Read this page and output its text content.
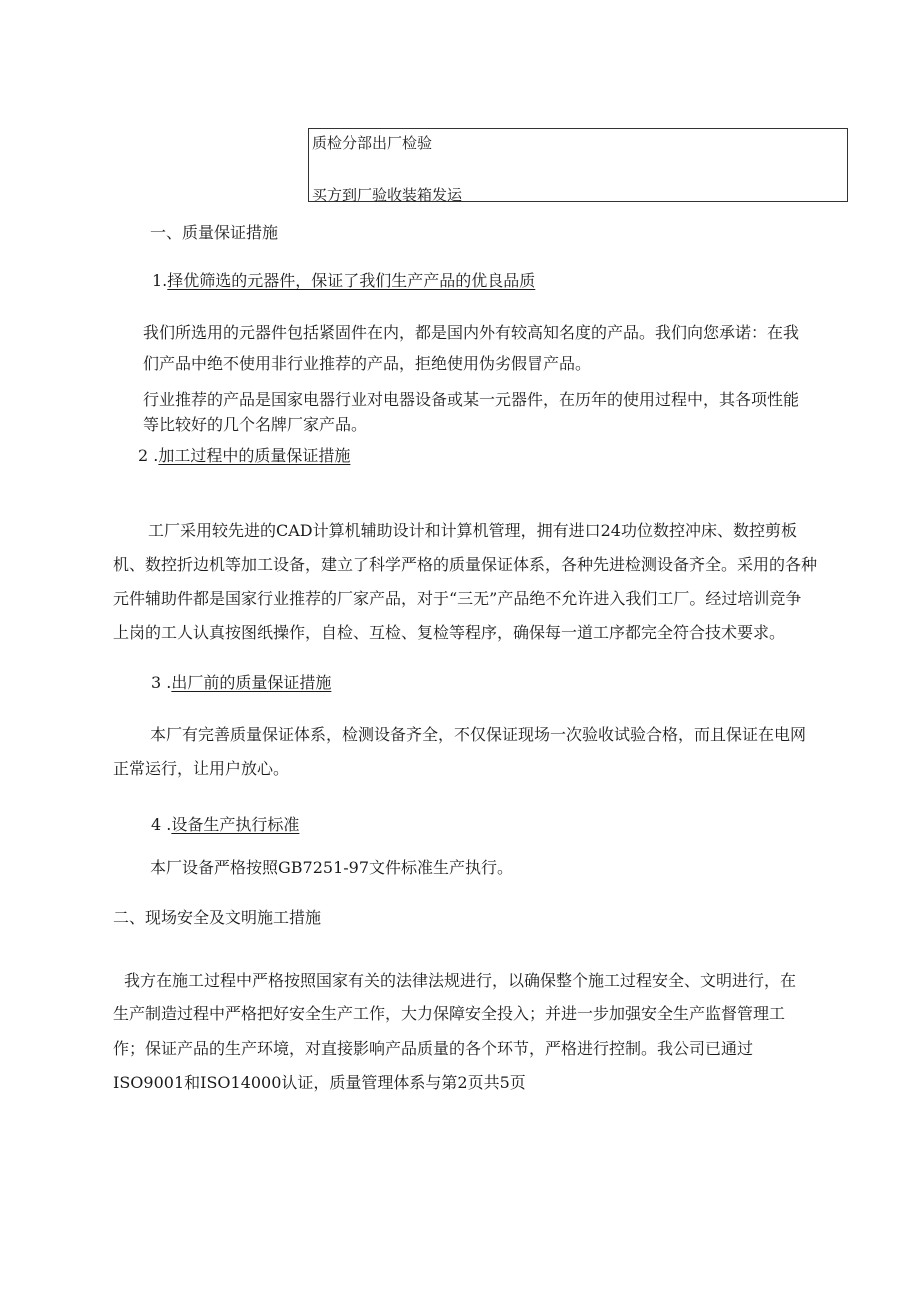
质检分部出厂检验
买方到厂验收装箱发运
一、质量保证措施
1.择优筛选的元器件，保证了我们生产产品的优良品质
我们所选用的元器件包括紧固件在内，都是国内外有较高知名度的产品。我们向您承诺：在我
们产品中绝不使用非行业推荐的产品，拒绝使用伪劣假冒产品。
行业推荐的产品是国家电器行业对电器设备或某一元器件，在历年的使用过程中，其各项性能
等比较好的几个名牌厂家产品。
2 .加工过程中的质量保证措施
工厂采用较先进的CAD计算机辅助设计和计算机管理，拥有进口24功位数控冲床、数控剪板
机、数控折边机等加工设备，建立了科学严格的质量保证体系，各种先进检测设备齐全。采用的各种
元件辅助件都是国家行业推荐的厂家产品，对于“三无”产品绝不允许进入我们工厂。经过培训竞争
上岗的工人认真按图纸操作，自检、互检、复检等程序，确保每一道工序都完全符合技术要求。
3 .出厂前的质量保证措施
本厂有完善质量保证体系，检测设备齐全，不仅保证现场一次验收试验合格，而且保证在电网
正常运行，让用户放心。
4 .设备生产执行标准
本厂设备严格按照GB7251-97文件标准生产执行。
二、现场安全及文明施工措施
我方在施工过程中严格按照国家有关的法律法规进行，以确保整个施工过程安全、文明进行，在
生产制造过程中严格把好安全生产工作，大力保障安全投入；并进一步加强安全生产监督管理工
作；保证产品的生产环境，对直接影响产品质量的各个环节，严格进行控制。我公司已通过
ISO9001和ISO14000认证，质量管理体系与第2页共5页
